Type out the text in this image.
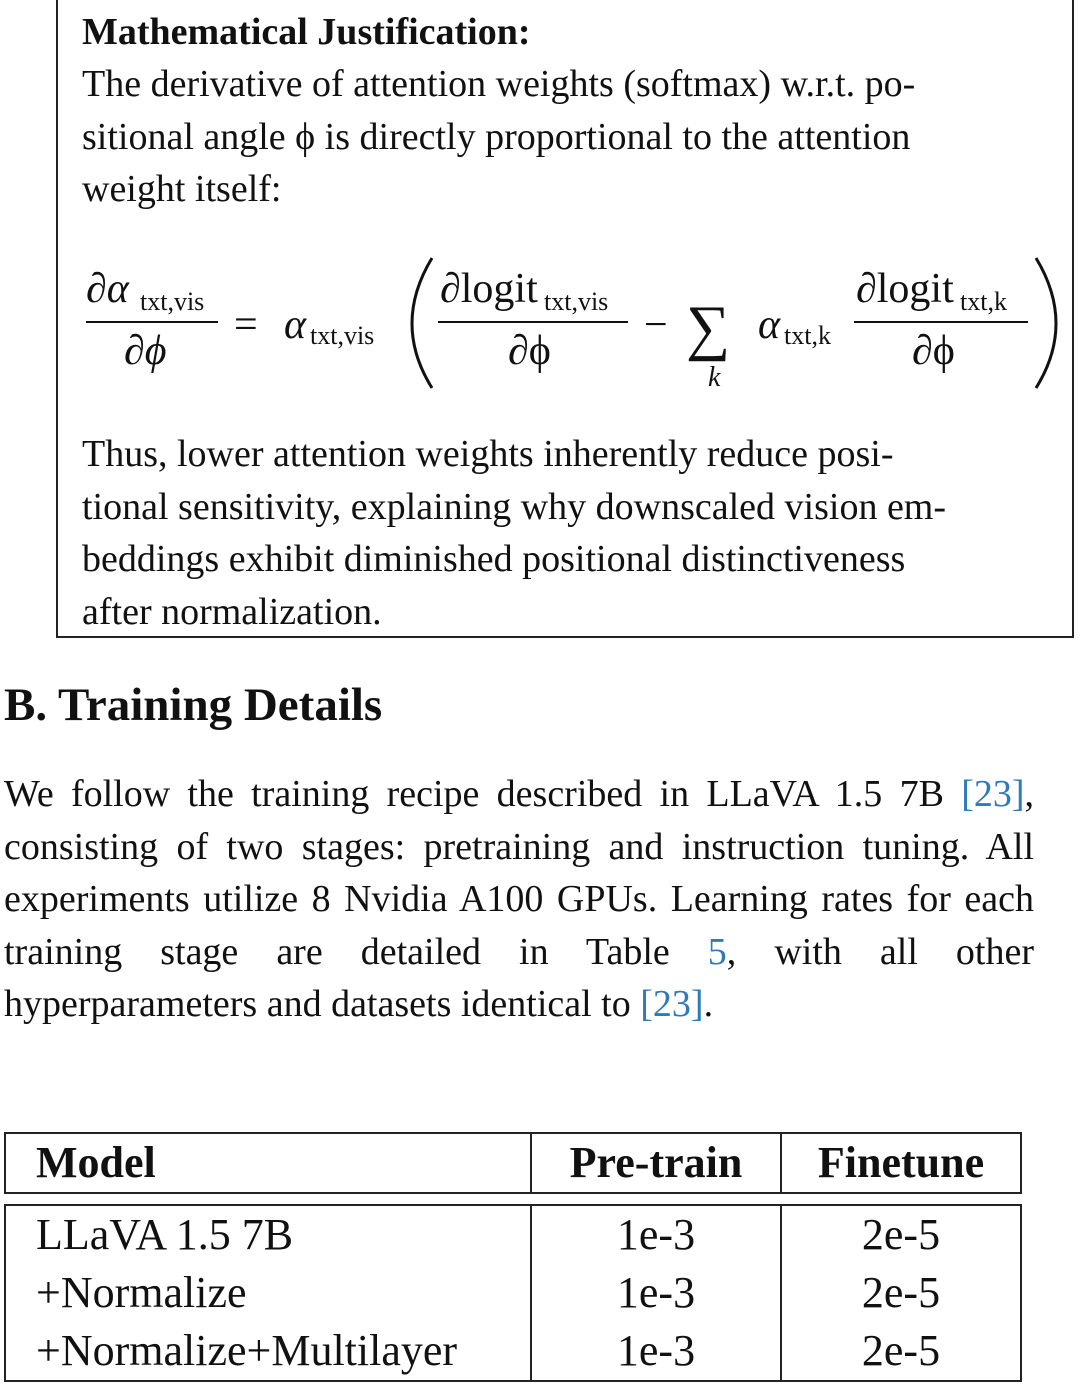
Mathematical Justification:
The derivative of attention weights (softmax) w.r.t. po-
sitional angle ϕ is directly proportional to the attention
weight itself:
∂α txt,vis
∂ϕ
= α txt,vis
∂logit txt,vis
∂ϕ
− ∑
k
α txt,k
∂logit txt,k
∂ϕ
Thus, lower attention weights inherently reduce posi-
tional sensitivity, explaining why downscaled vision em-
beddings exhibit diminished positional distinctiveness
after normalization.
B. Training Details
We follow the training recipe described in LLaVA 1.5 7B [23], consisting of two stages: pretraining and instruction tuning. All experiments utilize 8 Nvidia A100 GPUs. Learning rates for each training stage are detailed in Table 5, with all other hyperparameters and datasets identical to [23].
Model	Pre-train	Finetune

LLaVA 1.5 7B	1e-3	2e-5
+Normalize	1e-3	2e-5
+Normalize+Multilayer	1e-3	2e-5
